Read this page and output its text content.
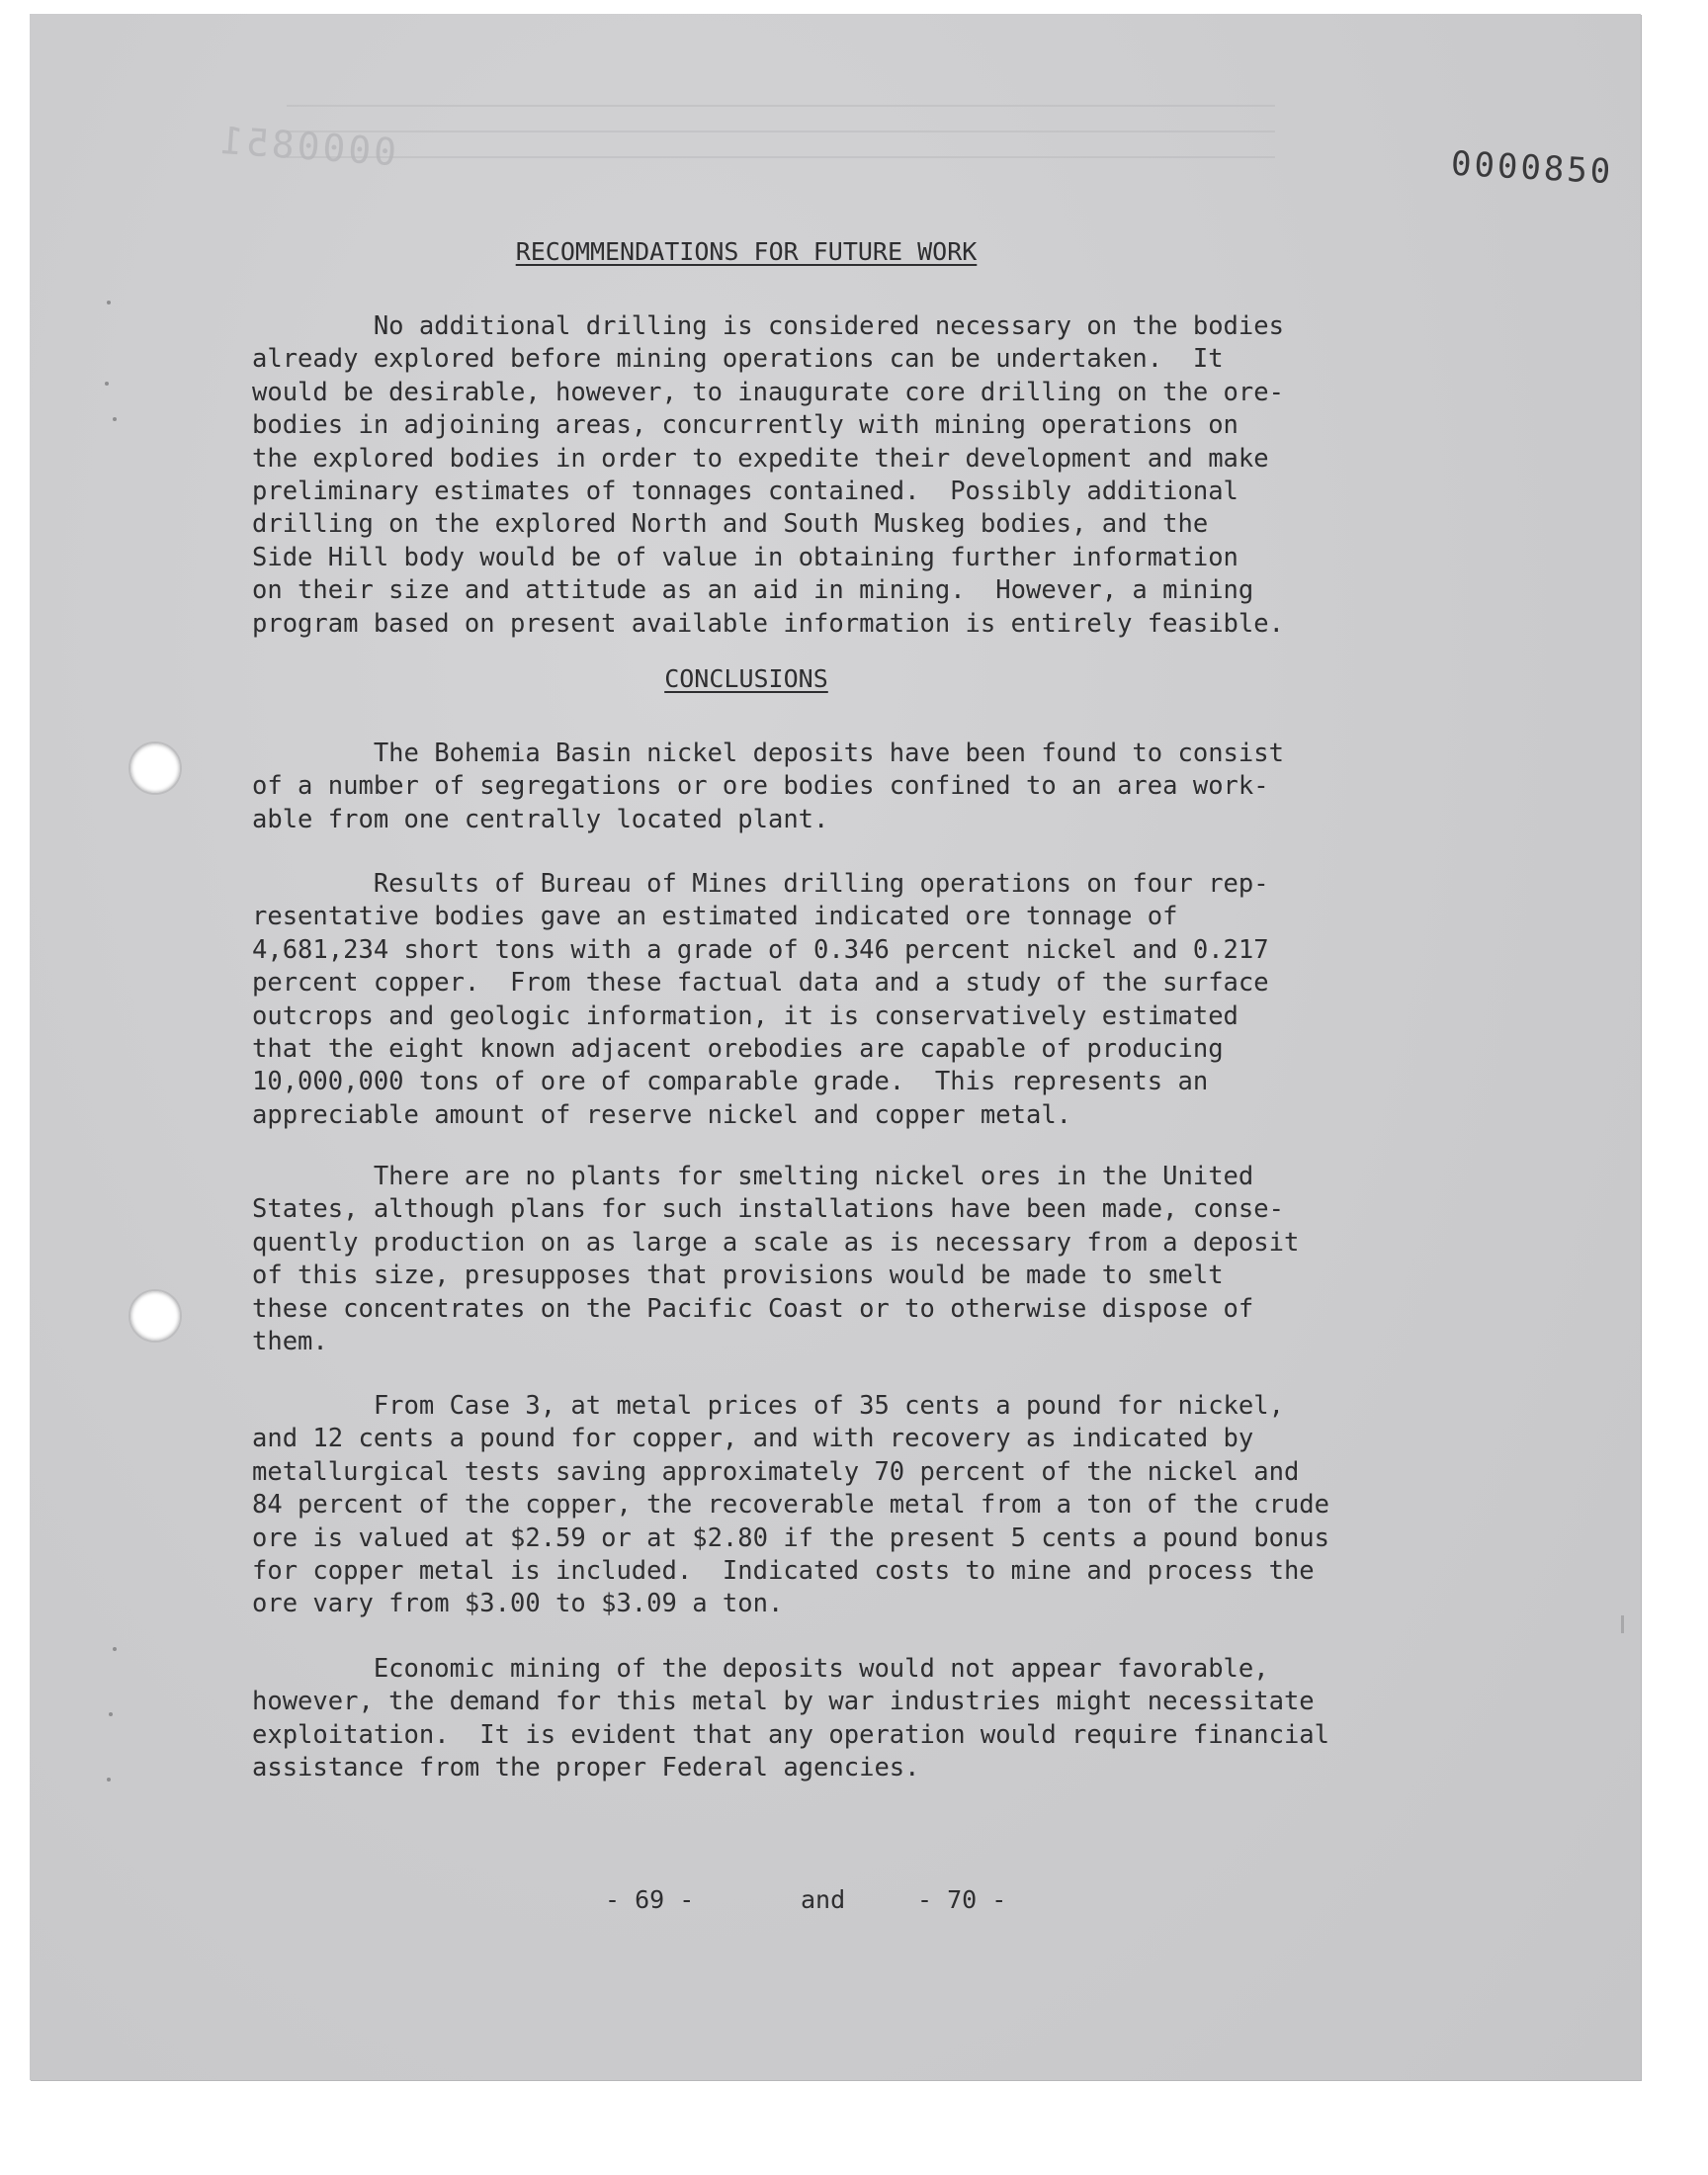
0000851	0000850
RECOMMENDATIONS FOR FUTURE WORK

No additional drilling is considered necessary on the bodies
already explored before mining operations can be undertaken.  It
would be desirable, however, to inaugurate core drilling on the ore-
bodies in adjoining areas, concurrently with mining operations on
the explored bodies in order to expedite their development and make
preliminary estimates of tonnages contained.  Possibly additional
drilling on the explored North and South Muskeg bodies, and the
Side Hill body would be of value in obtaining further information
on their size and attitude as an aid in mining.  However, a mining
program based on present available information is entirely feasible.

CONCLUSIONS

The Bohemia Basin nickel deposits have been found to consist
of a number of segregations or ore bodies confined to an area work-
able from one centrally located plant.

Results of Bureau of Mines drilling operations on four rep-
resentative bodies gave an estimated indicated ore tonnage of
4,681,234 short tons with a grade of 0.346 percent nickel and 0.217
percent copper.  From these factual data and a study of the surface
outcrops and geologic information, it is conservatively estimated
that the eight known adjacent orebodies are capable of producing
10,000,000 tons of ore of comparable grade.  This represents an
appreciable amount of reserve nickel and copper metal.

There are no plants for smelting nickel ores in the United
States, although plans for such installations have been made, conse-
quently production on as large a scale as is necessary from a deposit
of this size, presupposes that provisions would be made to smelt
these concentrates on the Pacific Coast or to otherwise dispose of
them.

From Case 3, at metal prices of 35 cents a pound for nickel,
and 12 cents a pound for copper, and with recovery as indicated by
metallurgical tests saving approximately 70 percent of the nickel and
84 percent of the copper, the recoverable metal from a ton of the crude
ore is valued at $2.59 or at $2.80 if the present 5 cents a pound bonus
for copper metal is included.  Indicated costs to mine and process the
ore vary from $3.00 to $3.09 a ton.

Economic mining of the deposits would not appear favorable,
however, the demand for this metal by war industries might necessitate
exploitation.  It is evident that any operation would require financial
assistance from the proper Federal agencies.

- 69 -	and	- 70 -
